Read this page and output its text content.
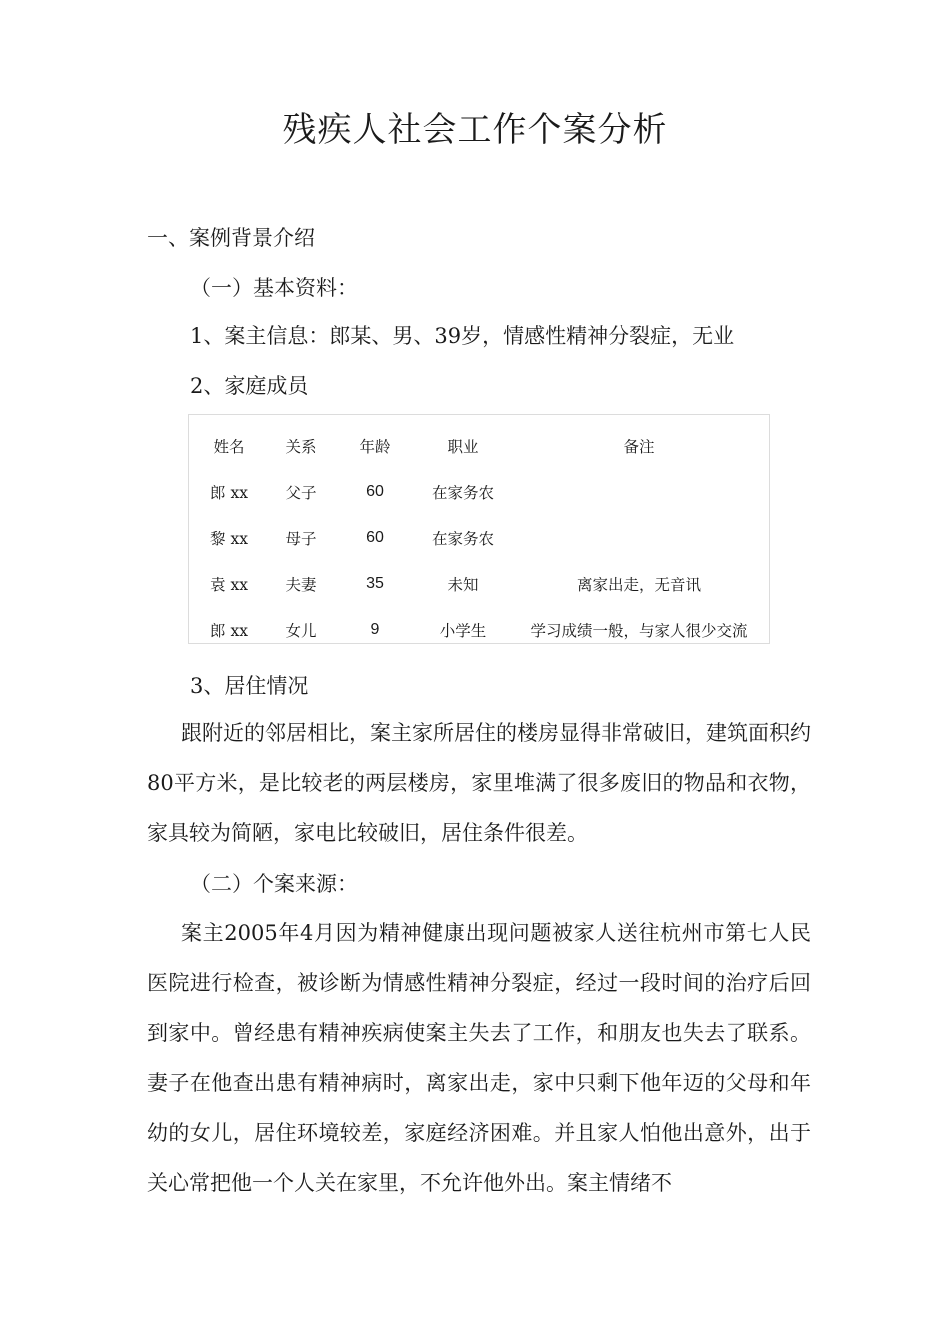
残疾人社会工作个案分析
一、案例背景介绍
（一）基本资料：
1、案主信息：郎某、男、39岁，情感性精神分裂症，无业
2、家庭成员
姓名	关系	年龄	职业	备注
郎 xx	父子	60	在家务农	
黎 xx	母子	60	在家务农	
袁 xx	夫妻	35	未知	离家出走，无音讯
郎 xx	女儿	9	小学生	学习成绩一般，与家人很少交流
3、居住情况

跟附近的邻居相比，案主家所居住的楼房显得非常破旧，建筑面积约80平方米，是比较老的两层楼房，家里堆满了很多废旧的物品和衣物，家具较为简陋，家电比较破旧，居住条件很差。

（二）个案来源：

案主2005年4月因为精神健康出现问题被家人送往杭州市第七人民医院进行检查，被诊断为情感性精神分裂症，经过一段时间的治疗后回到家中。曾经患有精神疾病使案主失去了工作，和朋友也失去了联系。妻子在他查出患有精神病时，离家出走，家中只剩下他年迈的父母和年幼的女儿，居住环境较差，家庭经济困难。并且家人怕他出意外，出于关心常把他一个人关在家里，不允许他外出。案主情绪不
